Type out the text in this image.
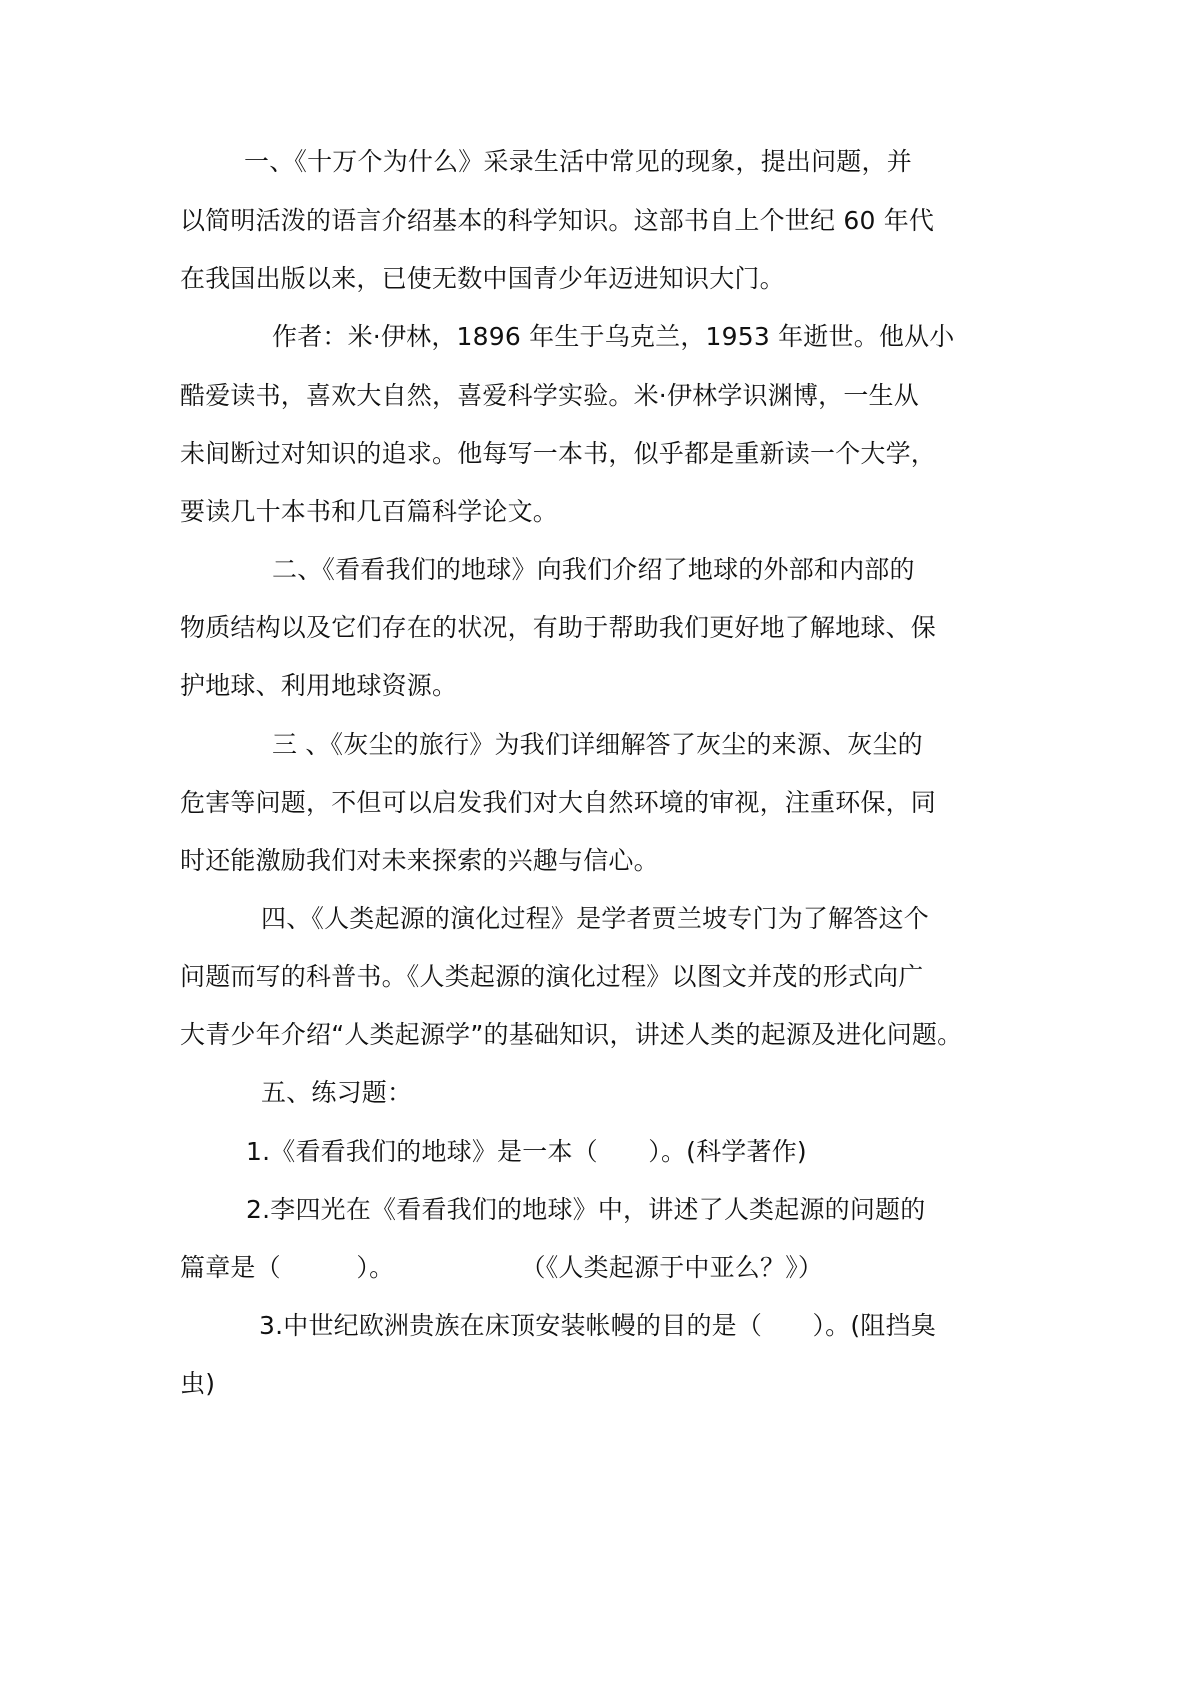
一、《十万个为什么》采录生活中常见的现象，提出问题，并
以简明活泼的语言介绍基本的科学知识。这部书自上个世纪 60 年代
在我国出版以来，已使无数中国青少年迈进知识大门。
作者：米·伊林，1896 年生于乌克兰，1953 年逝世。他从小
酷爱读书，喜欢大自然，喜爱科学实验。米·伊林学识渊博，一生从
未间断过对知识的追求。他每写一本书，似乎都是重新读一个大学，
要读几十本书和几百篇科学论文。
二、《看看我们的地球》向我们介绍了地球的外部和内部的
物质结构以及它们存在的状况，有助于帮助我们更好地了解地球、保
护地球、利用地球资源。
三 、《灰尘的旅行》为我们详细解答了灰尘的来源、灰尘的
危害等问题，不但可以启发我们对大自然环境的审视，注重环保，同
时还能激励我们对未来探索的兴趣与信心。
四、《人类起源的演化过程》是学者贾兰坡专门为了解答这个
问题而写的科普书。《人类起源的演化过程》以图文并茂的形式向广
大青少年介绍“人类起源学”的基础知识，讲述人类的起源及进化问题。
五、练习题：
1.《看看我们的地球》是一本（　　）。(科学著作)
2.李四光在《看看我们的地球》中，讲述了人类起源的问题的
篇章是（　　　）。　　　　　　（《人类起源于中亚么？》）
3.中世纪欧洲贵族在床顶安装帐幔的目的是（　　）。(阻挡臭
虫)
